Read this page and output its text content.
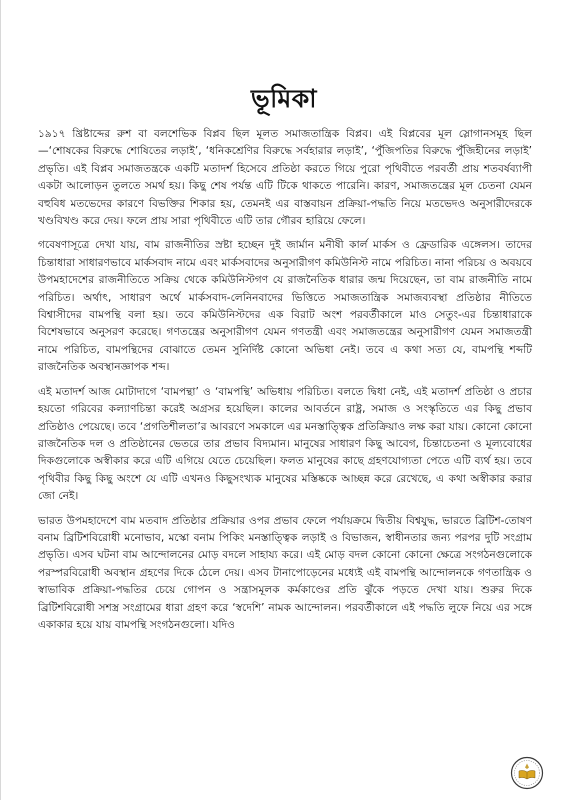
ভূমিকা

১৯১৭ খ্রিষ্টাব্দের রুশ বা বলশেভিক বিপ্লব ছিল মূলত সমাজতান্ত্রিক বিপ্লব। এই বিপ্লবের মূল স্লোগানসমূহ ছিল—‘শোষকের বিরুদ্ধে শোষিতের লড়াই’, ‘ধনিকশ্রেণির বিরুদ্ধে সর্বহারার লড়াই’, ‘পুঁজিপতির বিরুদ্ধে পুঁজিহীনের লড়াই’ প্রভৃতি। এই বিপ্লব সমাজতন্ত্রকে একটি মতাদর্শ হিসেবে প্রতিষ্ঠা করতে গিয়ে পুরো পৃথিবীতে পরবর্তী প্রায় শতবর্ষব্যাপী একটা আলোড়ন তুলতে সমর্থ হয়। কিছু শেষ পর্যন্ত এটি টিকে থাকতে পারেনি। কারণ, সমাজতন্ত্রের মূল চেতনা যেমন বহুবিধ মতভেদের কারণে বিভক্তির শিকার হয়, তেমনই এর বাস্তবায়ন প্রক্রিয়া-পদ্ধতি নিয়ে মতভেদও অনুসারীদেরকে খণ্ডবিখণ্ড করে দেয়। ফলে প্রায় সারা পৃথিবীতে এটি তার গৌরব হারিয়ে ফেলে।

গবেষণাসূত্রে দেখা যায়, বাম রাজনীতির স্রষ্টা হচ্ছেন দুই জার্মান মনীষী কার্ল মার্কস ও ফ্রেডারিক এঙ্গেলস। তাদের চিন্তাধারা সাধারণভাবে মার্কসবাদ নামে এবং মার্কসবাদের অনুসারীগণ কমিউনিস্ট নামে পরিচিত। নানা পরিচয় ও অবয়বে উপমহাদেশের রাজনীতিতে সক্রিয় থেকে কমিউনিস্টগণ যে রাজনৈতিক ধারার জন্ম দিয়েছেন, তা বাম রাজনীতি নামে পরিচিত। অর্থাৎ, সাধারণ অর্থে মার্কসবাদ-লেনিনবাদের ভিত্তিতে সমাজতান্ত্রিক সমাজব্যবস্থা প্রতিষ্ঠার নীতিতে বিশ্বাসীদের বামপন্থি বলা হয়। তবে কমিউনিস্টদের এক বিরাট অংশ পরবর্তীকালে মাও সেতুং-এর চিন্তাধারাকে বিশেষভাবে অনুসরণ করেছে। গণতন্ত্রের অনুসারীগণ যেমন গণতন্ত্রী এবং সমাজতন্ত্রের অনুসারীগণ যেমন সমাজতন্ত্রী নামে পরিচিত, বামপন্থিদের বোঝাতে তেমন সুনির্দিষ্ট কোনো অভিধা নেই। তবে এ কথা সত্য যে, বামপন্থি শব্দটি রাজনৈতিক অবস্থানজ্ঞাপক শব্দ।

এই মতাদর্শ আজ মোটাদাগে ‘বামপন্থা’ ও ‘বামপন্থি’ অভিধায় পরিচিত। বলতে দ্বিধা নেই, এই মতাদর্শ প্রতিষ্ঠা ও প্রচার হয়তো গরিবের কল্যাণচিন্তা করেই অগ্রসর হয়েছিল। কালের আবর্তনে রাষ্ট্র, সমাজ ও সংস্কৃতিতে এর কিছু প্রভাব প্রতিষ্ঠাও পেয়েছে। তবে ‘প্রগতিশীলতা’র আবরণে সমকালে এর মনস্তাত্ত্বিক প্রতিক্রিয়াও লক্ষ করা যায়। কোনো কোনো রাজনৈতিক দল ও প্রতিষ্ঠানের ভেতরে তার প্রভাব বিদ্যমান। মানুষের সাধারণ কিছু আবেগ, চিন্তাচেতনা ও মূল্যবোধের দিকগুলোকে অস্বীকার করে এটি এগিয়ে যেতে চেয়েছিল। ফলত মানুষের কাছে গ্রহণযোগ্যতা পেতে এটি ব্যর্থ হয়। তবে পৃথিবীর কিছু কিছু অংশে যে এটি এখনও কিছুসংখ্যক মানুষের মস্তিষ্ককে আচ্ছন্ন করে রেখেছে, এ কথা অস্বীকার করার জো নেই।

ভারত উপমহাদেশে বাম মতবাদ প্রতিষ্ঠার প্রক্রিয়ার ওপর প্রভাব ফেলে পর্যায়ক্রমে দ্বিতীয় বিশ্বযুদ্ধ, ভারতে ব্রিটিশ-তোষণ বনাম ব্রিটিশবিরোধী মনোভাব, মস্কো বনাম পিকিং মনস্তাত্ত্বিক লড়াই ও বিভাজন, স্বাধীনতার জন্য পরপর দুটি সংগ্রাম প্রভৃতি। এসব ঘটনা বাম আন্দোলনের মোড় বদলে সাহায্য করে। এই মোড় বদল কোনো কোনো ক্ষেত্রে সংগঠনগুলোকে পরস্পরবিরোধী অবস্থান গ্রহণের দিকে ঠেলে দেয়। এসব টানাপোড়েনের মধ্যেই এই বামপন্থি আন্দোলনকে গণতান্ত্রিক ও স্বাভাবিক প্রক্রিয়া-পদ্ধতির চেয়ে গোপন ও সন্ত্রাসমূলক কর্মকাণ্ডের প্রতি ঝুঁকে পড়তে দেখা যায়। শুরুর দিকে ব্রিটিশবিরোধী সশস্ত্র সংগ্রামের ধারা গ্রহণ করে ‘স্বদেশি’ নামক আন্দোলন। পরবর্তীকালে এই পদ্ধতি লুফে নিয়ে এর সঙ্গে একাকার হয়ে যায় বামপন্থি সংগঠনগুলো। যদিও
